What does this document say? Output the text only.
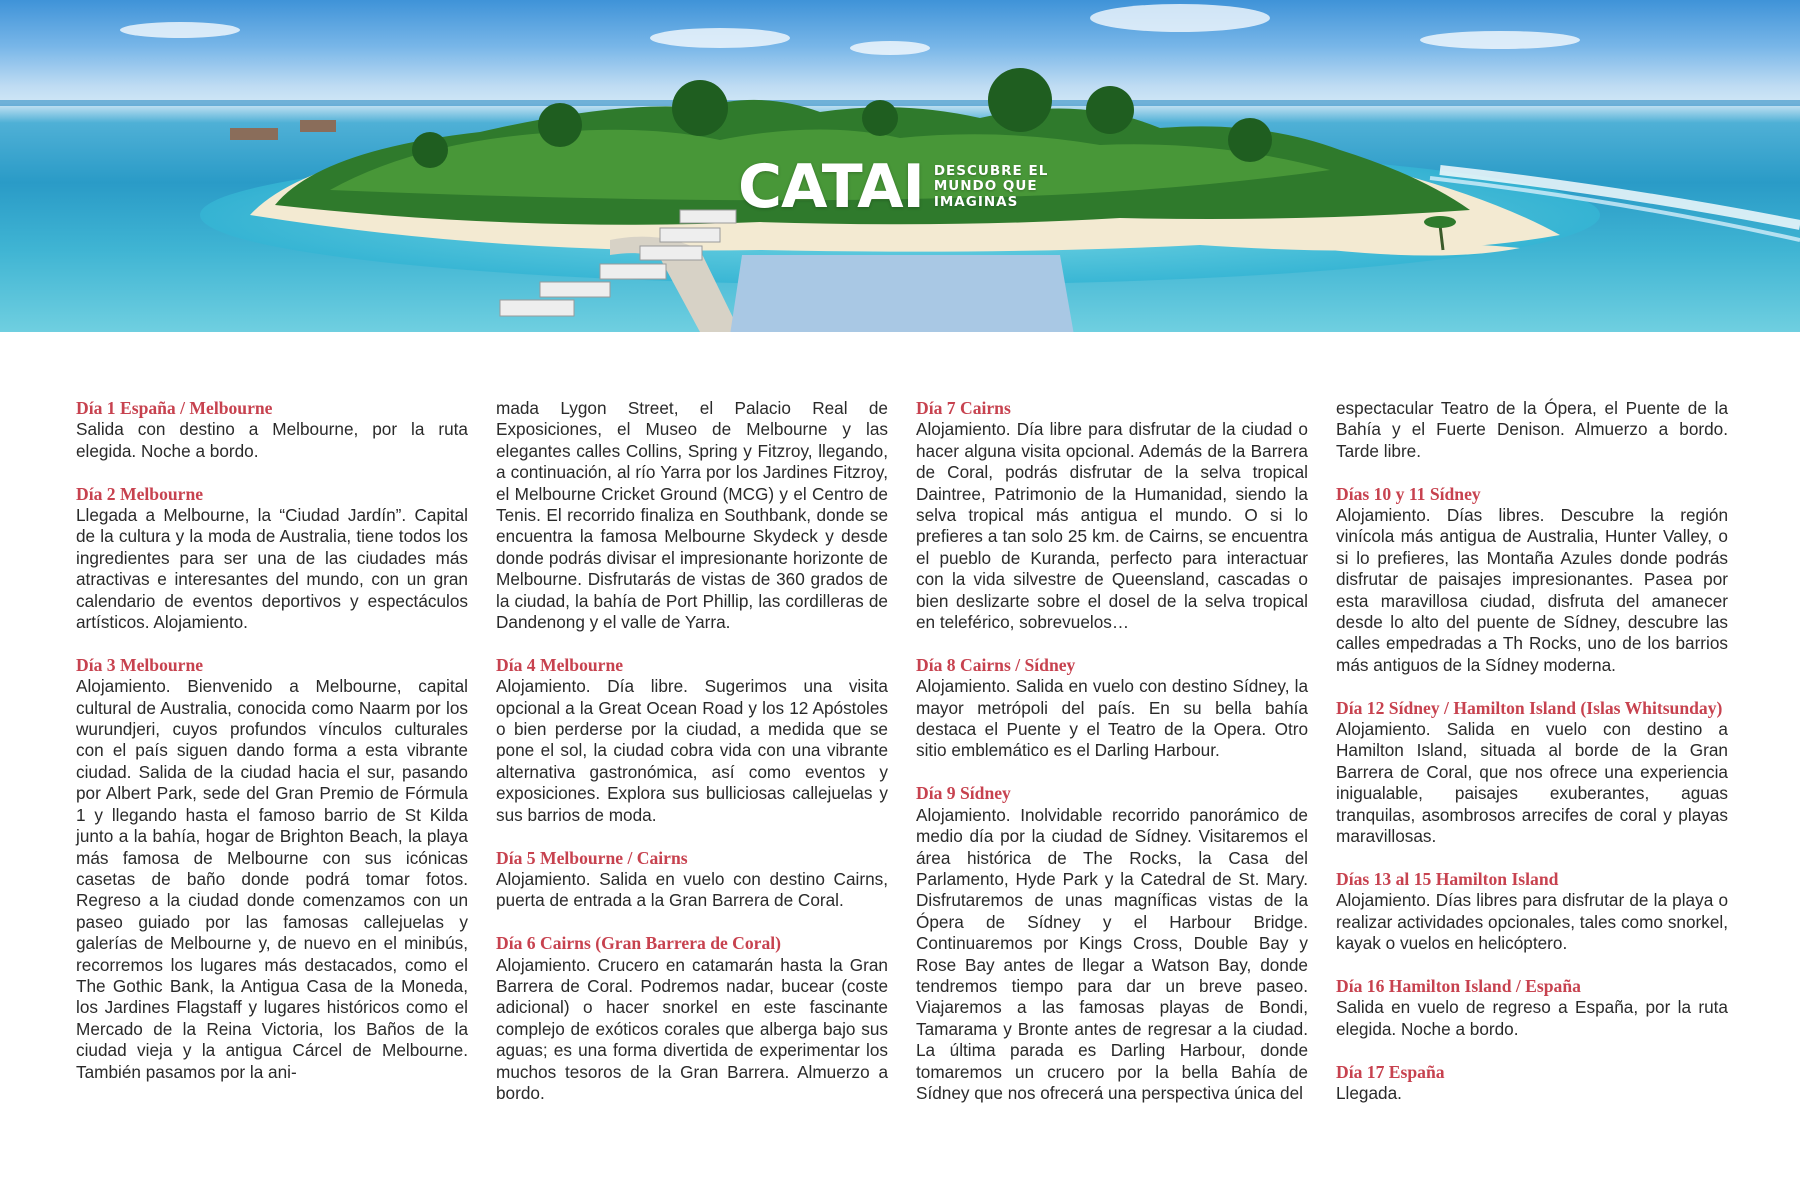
CATAI DESCUBRE EL
MUNDO QUE
IMAGINAS
Día 1 España / Melbourne
Salida con destino a Melbourne, por la ruta elegida. Noche a bordo.
Día 2 Melbourne
Llegada a Melbourne, la “Ciudad Jardín”. Capital de la cultura y la moda de Australia, tiene todos los ingredientes para ser una de las ciudades más atractivas e interesantes del mundo, con un gran calendario de eventos deportivos y espectáculos artísticos. Alojamiento.
Día 3 Melbourne
Alojamiento. Bienvenido a Melbourne, capital cultural de Australia, conocida como Naarm por los wurundjeri, cuyos profundos vínculos culturales con el país siguen dando forma a esta vibrante ciudad. Salida de la ciudad hacia el sur, pasando por Albert Park, sede del Gran Premio de Fórmula 1 y llegando hasta el famoso barrio de St Kilda junto a la bahía, hogar de Brighton Beach, la playa más famosa de Melbourne con sus icónicas casetas de baño donde podrá tomar fotos. Regreso a la ciudad donde comenzamos con un paseo guiado por las famosas callejuelas y galerías de Melbourne y, de nuevo en el minibús, recorremos los lugares más destacados, como el The Gothic Bank, la Antigua Casa de la Moneda, los Jardines Flagstaff y lugares históricos como el Mercado de la Reina Victoria, los Baños de la ciudad vieja y la antigua Cárcel de Melbourne. También pasamos por la ani-
mada Lygon Street, el Palacio Real de Exposiciones, el Museo de Melbourne y las elegantes calles Collins, Spring y Fitzroy, llegando, a continuación, al río Yarra por los Jardines Fitzroy, el Melbourne Cricket Ground (MCG) y el Centro de Tenis. El recorrido finaliza en Southbank, donde se encuentra la famosa Melbourne Skydeck y desde donde podrás divisar el impresionante horizonte de Melbourne. Disfrutarás de vistas de 360 grados de la ciudad, la bahía de Port Phillip, las cordilleras de Dandenong y el valle de Yarra.
Día 4 Melbourne
Alojamiento. Día libre. Sugerimos una visita opcional a la Great Ocean Road y los 12 Apóstoles o bien perderse por la ciudad, a medida que se pone el sol, la ciudad cobra vida con una vibrante alternativa gastronómica, así como eventos y exposiciones. Explora sus bulliciosas callejuelas y sus barrios de moda.
Día 5 Melbourne / Cairns
Alojamiento. Salida en vuelo con destino Cairns, puerta de entrada a la Gran Barrera de Coral.
Día 6 Cairns (Gran Barrera de Coral)
Alojamiento. Crucero en catamarán hasta la Gran Barrera de Coral. Podremos nadar, bucear (coste adicional) o hacer snorkel en este fascinante complejo de exóticos corales que alberga bajo sus aguas; es una forma divertida de experimentar los muchos tesoros de la Gran Barrera. Almuerzo a bordo.
Día 7 Cairns
Alojamiento. Día libre para disfrutar de la ciudad o hacer alguna visita opcional. Además de la Barrera de Coral, podrás disfrutar de la selva tropical Daintree, Patrimonio de la Humanidad, siendo la selva tropical más antigua el mundo. O si lo prefieres a tan solo 25 km. de Cairns, se encuentra el pueblo de Kuranda, perfecto para interactuar con la vida silvestre de Queensland, cascadas o bien deslizarte sobre el dosel de la selva tropical en teleférico, sobrevuelos…
Día 8 Cairns / Sídney
Alojamiento. Salida en vuelo con destino Sídney, la mayor metrópoli del país. En su bella bahía destaca el Puente y el Teatro de la Opera. Otro sitio emblemático es el Darling Harbour.
Día 9 Sídney
Alojamiento. Inolvidable recorrido panorámico de medio día por la ciudad de Sídney. Visitaremos el área histórica de The Rocks, la Casa del Parlamento, Hyde Park y la Catedral de St. Mary. Disfrutaremos de unas magníficas vistas de la Ópera de Sídney y el Harbour Bridge. Continuaremos por Kings Cross, Double Bay y Rose Bay antes de llegar a Watson Bay, donde tendremos tiempo para dar un breve paseo. Viajaremos a las famosas playas de Bondi, Tamarama y Bronte antes de regresar a la ciudad. La última parada es Darling Harbour, donde tomaremos un crucero por la bella Bahía de Sídney que nos ofrecerá una perspectiva única del
espectacular Teatro de la Ópera, el Puente de la Bahía y el Fuerte Denison. Almuerzo a bordo. Tarde libre.
Días 10 y 11 Sídney
Alojamiento. Días libres. Descubre la región vinícola más antigua de Australia, Hunter Valley, o si lo prefieres, las Montaña Azules donde podrás disfrutar de paisajes impresionantes. Pasea por esta maravillosa ciudad, disfruta del amanecer desde lo alto del puente de Sídney, descubre las calles empedradas a Th Rocks, uno de los barrios más antiguos de la Sídney moderna.
Día 12 Sídney / Hamilton Island (Islas Whitsunday)
Alojamiento. Salida en vuelo con destino a Hamilton Island, situada al borde de la Gran Barrera de Coral, que nos ofrece una experiencia inigualable, paisajes exuberantes, aguas tranquilas, asombrosos arrecifes de coral y playas maravillosas.
Días 13 al 15 Hamilton Island
Alojamiento. Días libres para disfrutar de la playa o realizar actividades opcionales, tales como snorkel, kayak o vuelos en helicóptero.
Día 16 Hamilton Island / España
Salida en vuelo de regreso a España, por la ruta elegida. Noche a bordo.
Día 17 España
Llegada.
